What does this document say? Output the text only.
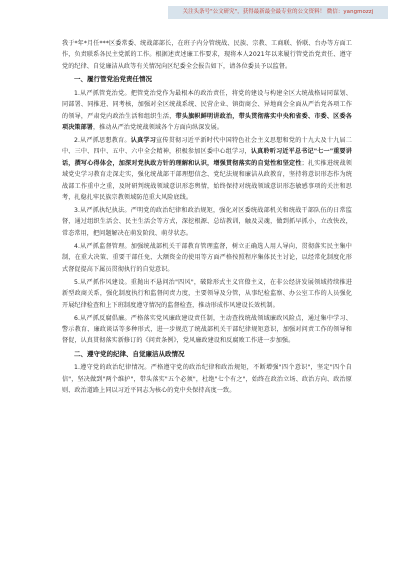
关注头条号"公文研究"，获得最新最全最专业的公文资料！ 微信：yangmozzj

我于*年*月任***区委常委、统战部部长，在班子内分管统战、民族、宗教、工商联、侨联、台办等方面工作，负责联系各民主党派的工作。根据述责述廉工作要求，现将本人2021年以来履行管党治党责任、遵守党的纪律、自觉廉洁从政等有关情况向区纪委全会报告如下，请各位委员予以监督。

一、履行管党治党责任情况

1.从严抓管党治党。把管党治党作为最根本的政治责任，将党的建设与构建全区大统战格局同谋划、同部署、同推进、同考核，加强对全区统战系统、民营企业、镇街商会、异地商会全面从严治党各项工作的领导，严肃党内政治生活和组织生活，带头旗帜鲜明讲政治，带头贯彻落实中央和省委、市委、区委各项决策部署，推动从严治党统战领域各个方面向纵深发展。

2.从严抓思想教育。认真学习宣传贯彻习近平新时代中国特色社会主义思想和党的十九大及十九届二中、三中、四中、五中、六中全会精神，积极参加区委中心组学习，认真聆听习近平总书记"七一"重要讲话，撰写心得体会，加深对党执政方针的理解和认识，增强贯彻落实的自觉性和坚定性；扎实推进统战领域党史学习教育走深走实，强化统战部干部理想信念、党纪法规和廉洁从政教育，坚持将意识形态作为统战部工作重中之重，及时研判统战领域意识形态舆情，始终保持对统战领域意识形态敏感事项的关注和思考，扎稳扎牢民族宗教领域防范重大风险底线。

3.从严抓执纪执法。严明党的政治纪律和政治规矩，强化对区委统战部机关和统战干部队伍的日常监督，通过组织生活会、民主生活会等方式，深挖根源、总结教训，触及灵魂，做到抓早抓小，立改快改，常态常用，把问题解决在萌发阶段、萌芽状态。

4.从严抓监督管理。加强统战部机关干部教育管理监督，树立正确选人用人导向，贯彻落实民主集中制，在重大决策、重要干部任免、大额资金的使用等方面严格按照程序集体民主讨论，以经常化制度化形式督促提高下属员贯彻执行的自觉意识。

5.从严抓作风建设。重抛出不悬问治"四风"，破除形式主义官僚主义，在非公经济发展领域持续推进新型政商关系，强化制度执行和监督问责力度，主要领导及分管，从事纪检监察、办公室工作的人员强化开展纪律检查和上下班制度遵守情况的监督检查，推动形成作风建设长效机制。

6.从严抓反腐倡廉。严格落实党风廉政建设责任制，主动查找统战领域廉政风险点，通过集中学习、警示教育、廉政谈话等多种形式，进一步规范了统战部机关干部纪律规矩意识，加强对问责工作的领导和督促，认真贯彻落实新修订的《问责条例》，党风廉政建设和反腐败工作进一步加强。

二、遵守党的纪律、自觉廉洁从政情况

1.遵守党的政治纪律情况。严格遵守党的政治纪律和政治规矩，不断增强"四个意识"，坚定"四个自信"，坚决做到"两个维护"，带头落实"五个必须"，杜绝"七个有之"，始终在政治立场、政治方向、政治原则、政治道路上同以习近平同志为核心的党中央保持高度一致。
